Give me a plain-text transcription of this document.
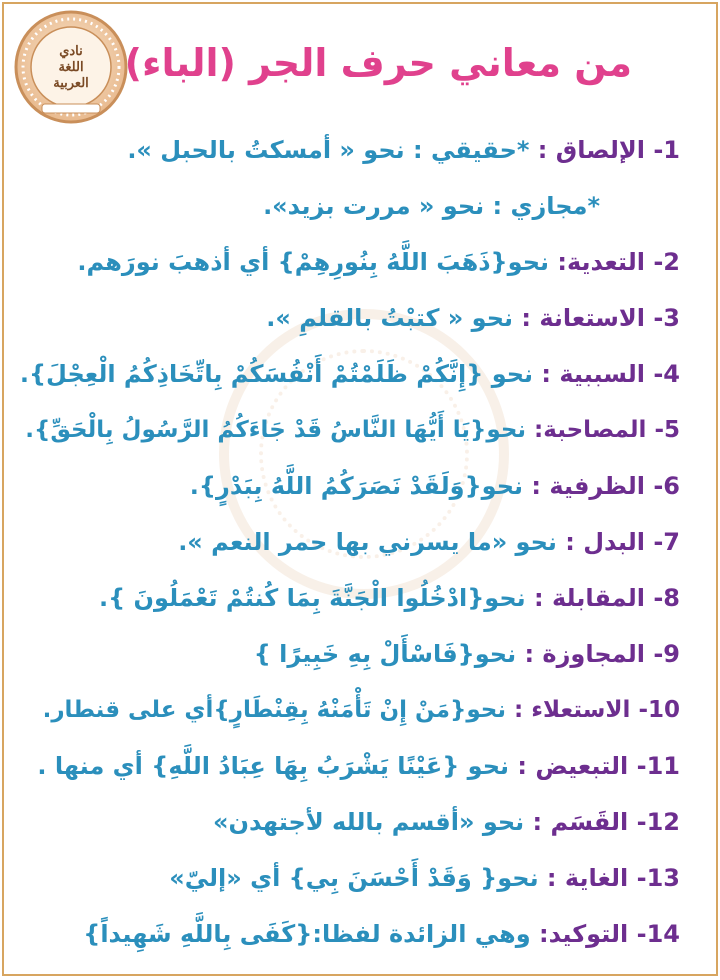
نادي
اللغة
العربية من معاني حرف الجر (الباء)
1- الإلصاق : *حقيقي : نحو « أمسكتُ بالحبل ».
*مجازي : نحو « مررت بزيد».
2- التعدية: نحو{ذَهَبَ اللَّهُ بِنُورِهِمْ} أي أذهبَ نورَهم.
3- الاستعانة : نحو « كتبْتُ بالقلمِ ».
4- السببية : نحو {إِنَّكُمْ ظَلَمْتُمْ أَنْفُسَكُمْ بِاتِّخَاذِكُمُ الْعِجْلَ}.
5- المصاحبة: نحو{يَا أَيُّهَا النَّاسُ قَدْ جَاءَكُمُ الرَّسُولُ بِالْحَقِّ}.
6- الظرفية : نحو{وَلَقَدْ نَصَرَكُمُ اللَّهُ بِبَدْرٍ}.
7- البدل : نحو «ما يسرني بها حمر النعم ».
8- المقابلة : نحو{ادْخُلُوا الْجَنَّةَ بِمَا كُنتُمْ تَعْمَلُونَ }.
9- المجاوزة : نحو{فَاسْأَلْ بِهِ خَبِيرًا }
10- الاستعلاء : نحو{مَنْ إِنْ تَأْمَنْهُ بِقِنْطَارٍ}أي على قنطار.
11- التبعيض : نحو {عَيْنًا يَشْرَبُ بِهَا عِبَادُ اللَّهِ} أي منها .
12- القَسَم : نحو «أقسم بالله لأجتهدن»
13- الغاية : نحو{ وَقَدْ أَحْسَنَ بِي} أي «إليّ»
14- التوكيد: وهي الزائدة لفظا:{كَفَى بِاللَّهِ شَهِيداً}
